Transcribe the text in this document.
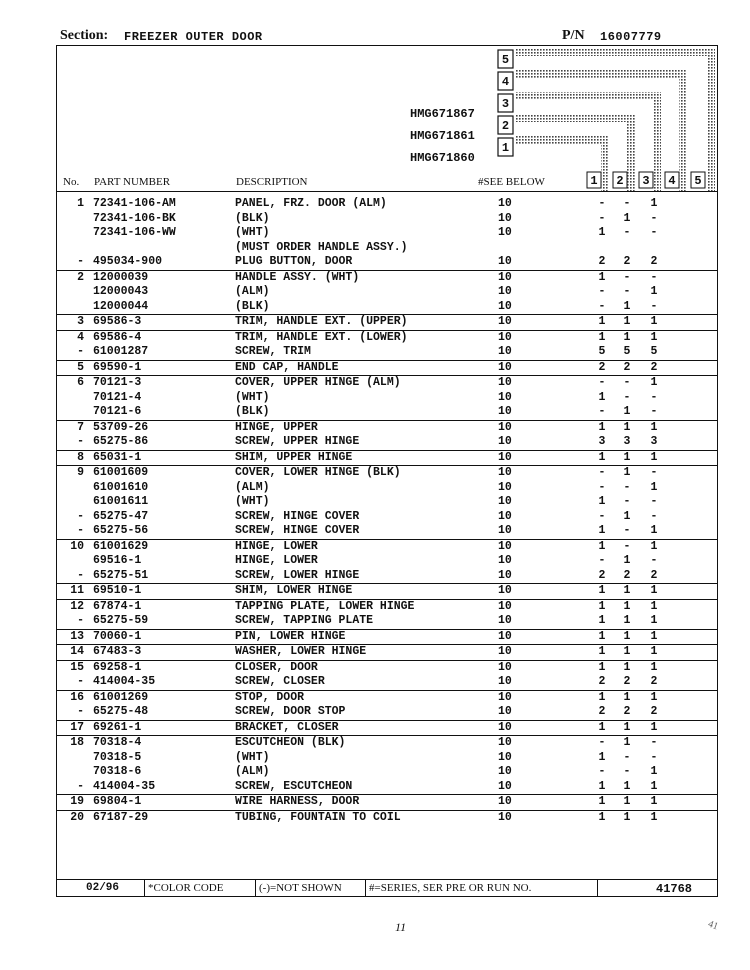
Section: FREEZER OUTER DOOR	P/N 16007779
HMG671860
HMG671861
HMG671867
5
4
3
2
1
1 2 3 4 5
No. PART NUMBER	DESCRIPTION	#SEE BELOW
1 72341-106-AM	PANEL, FRZ. DOOR (ALM)	10	- - 1
72341-106-BK	(BLK)	10	- 1 -
72341-106-WW	(WHT)	10	1 - -
(MUST ORDER HANDLE ASSY.)
- 495034-900	PLUG BUTTON, DOOR	10	2 2 2
2 12000039	HANDLE ASSY. (WHT)	10	1 - -
12000043	(ALM)	10	- - 1
12000044	(BLK)	10	- 1 -
3 69586-3	TRIM, HANDLE EXT. (UPPER)	10	1 1 1
4 69586-4	TRIM, HANDLE EXT. (LOWER)	10	1 1 1
- 61001287	SCREW, TRIM	10	5 5 5
5 69590-1	END CAP, HANDLE	10	2 2 2
6 70121-3	COVER, UPPER HINGE (ALM)	10	- - 1
70121-4	(WHT)	10	1 - -
70121-6	(BLK)	10	- 1 -
7 53709-26	HINGE, UPPER	10	1 1 1
- 65275-86	SCREW, UPPER HINGE	10	3 3 3
8 65031-1	SHIM, UPPER HINGE	10	1 1 1
9 61001609	COVER, LOWER HINGE (BLK)	10	- 1 -
61001610	(ALM)	10	- - 1
61001611	(WHT)	10	1 - -
- 65275-47	SCREW, HINGE COVER	10	- 1 -
- 65275-56	SCREW, HINGE COVER	10	1 - 1
10 61001629	HINGE, LOWER	10	1 - 1
69516-1	HINGE, LOWER	10	- 1 -
- 65275-51	SCREW, LOWER HINGE	10	2 2 2
11 69510-1	SHIM, LOWER HINGE	10	1 1 1
12 67874-1	TAPPING PLATE, LOWER HINGE	10	1 1 1
- 65275-59	SCREW, TAPPING PLATE	10	1 1 1
13 70060-1	PIN, LOWER HINGE	10	1 1 1
14 67483-3	WASHER, LOWER HINGE	10	1 1 1
15 69258-1	CLOSER, DOOR	10	1 1 1
- 414004-35	SCREW, CLOSER	10	2 2 2
16 61001269	STOP, DOOR	10	1 1 1
- 65275-48	SCREW, DOOR STOP	10	2 2 2
17 69261-1	BRACKET, CLOSER	10	1 1 1
18 70318-4	ESCUTCHEON (BLK)	10	- 1 -
70318-5	(WHT)	10	1 - -
70318-6	(ALM)	10	- - 1
- 414004-35	SCREW, ESCUTCHEON	10	1 1 1
19 69804-1	WIRE HARNESS, DOOR	10	1 1 1
20 67187-29	TUBING, FOUNTAIN TO COIL	10	1 1 1
02/96	*COLOR CODE	(-)=NOT SHOWN #=SERIES, SER PRE OR RUN NO.	41768
11	41
